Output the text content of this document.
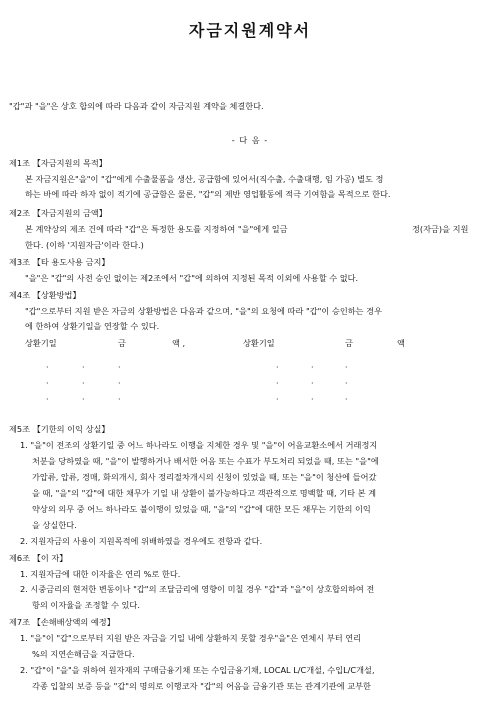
자금지원계약서
"갑"과 "을"은 상호 합의에 따라 다음과 같이 자금지원 계약을 체결한다.
- 다 음 -
제1조 【자금지원의 목적】
본 자금지원은"을"이 "갑"에게 수출물품을 생산, 공급함에 있어서(직수출, 수출대행, 임 가공) 별도 정
하는 바에 따라 하자 없이 적기에 공급함은 물론, "갑"의 제반 영업활동에 적극 기여함을 목적으로 한다.
제2조 【자금지원의 금액】
본 계약상의 제조 건에 따라 "갑"은 특정한 용도를 지정하여 "을"에게 일금	정(자금)을 지원
한다. (이하 '지원자금'이라 한다.)
제3조 【타 용도사용 금지】
"을"은 "갑"의 사전 승인 없이는 제2조에서 "갑"에 의하여 지정된 목적 이외에 사용할 수 없다.
제4조 【상환방법】
"갑"으로부터 지원 받은 자금의 상환방법은 다음과 같으며, "을"의 요청에 따라 "갑"이 승인하는 경우
에 한하여 상환기일을 연장할 수 있다.
상환기일	금	액 ,	상환기일	금	액
·	·	·	·	·	·
·	·	·	·	·	·
·	·	·	·	·	·
제5조 【기한의 이익 상실】
1. "을"이 전조의 상환기일 중 어느 하나라도 이행을 지체한 경우 및 "을"이 어음교환소에서 거래정지
처분을 당하였을 때, "을"이 발행하거나 배서한 어음 또는 수표가 부도처리 되었을 때, 또는 "을"에
가압류, 압류, 경매, 화의개시, 회사 정리절차개시의 신청이 있었을 때, 또는 "을"이 청산에 들어갔
을 때, "을"의 "갑"에 대한 채무가 기일 내 상환이 불가능하다고 객관적으로 명백할 때, 기타 본 계
약상의 의무 중 어느 하나라도 불이행이 있었을 때, "을"의 "갑"에 대한 모든 채무는 기한의 이익
을 상실한다.
2. 지원자금의 사용이 지원목적에 위배하였을 경우에도 전항과 같다.
제6조 【이 자】
1. 지원자금에 대한 이자율은 연리 %로 한다.
2. 시중금리의 현저한 변동이나 "갑"의 조달금리에 영향이 미칠 경우 "갑"과 "을"이 상호합의하여 전
항의 이자율을 조정할 수 있다.
제7조 【손해배상액의 예정】
1. "을"이 "갑"으로부터 지원 받은 자금을 기일 내에 상환하지 못할 경우"을"은 연체시 부터 연리
%의 지연손해금을 지급한다.
2. "갑"이 "을"을 위하여 원자재의 구매금융기채 또는 수입금융기채, LOCAL L/C개설, 수입L/C개설,
각종 입찰의 보증 등을 "갑"의 명의로 이행코자 "갑"의 어음을 금융기관 또는 관계기관에 교부한
